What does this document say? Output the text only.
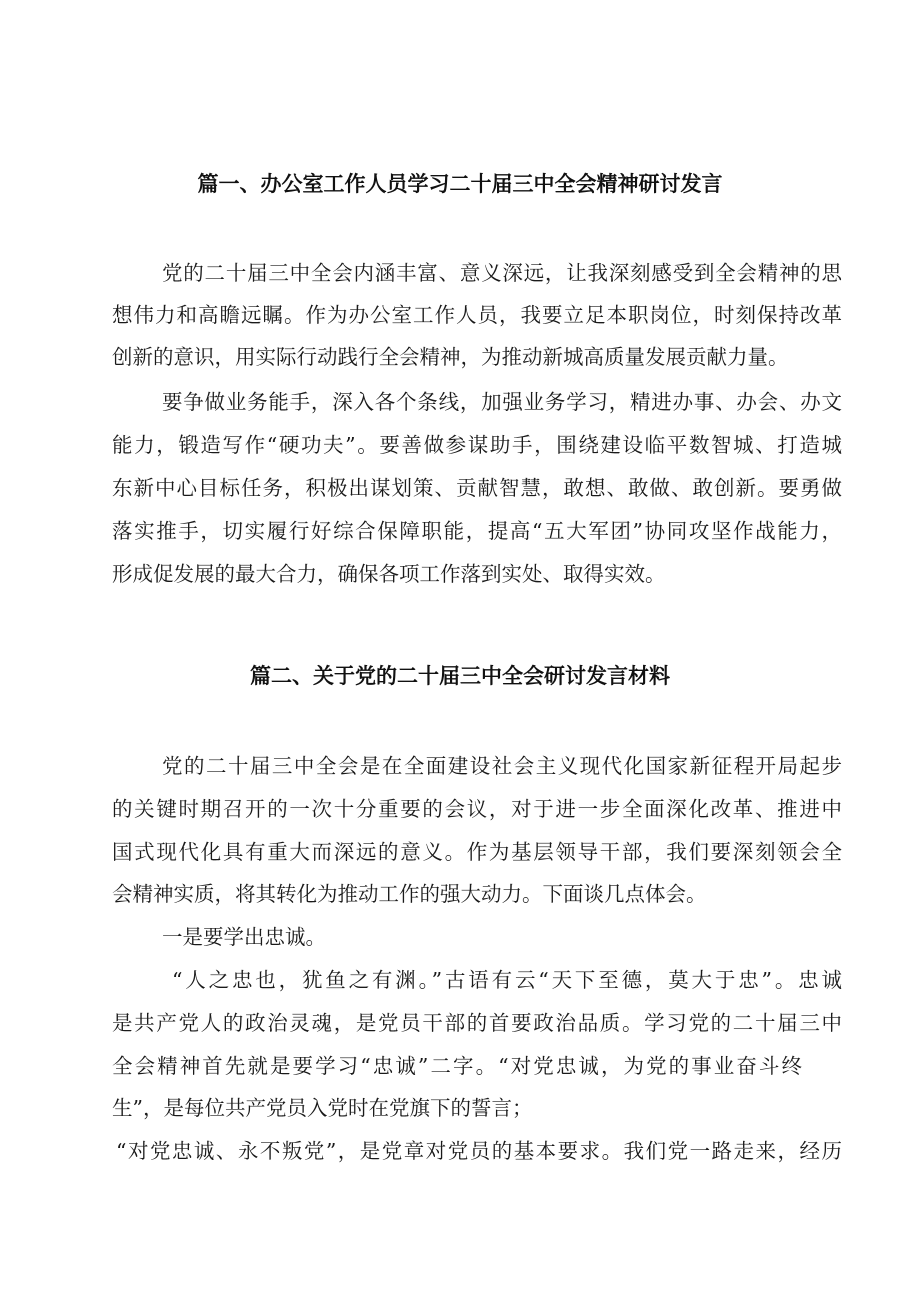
篇一、办公室工作人员学习二十届三中全会精神研讨发言
党的二十届三中全会内涵丰富、意义深远，让我深刻感受到全会精神的思
想伟力和高瞻远瞩。作为办公室工作人员，我要立足本职岗位，时刻保持改革
创新的意识，用实际行动践行全会精神，为推动新城高质量发展贡献力量。
要争做业务能手，深入各个条线，加强业务学习，精进办事、办会、办文
能力，锻造写作“硬功夫”。要善做参谋助手，围绕建设临平数智城、打造城
东新中心目标任务，积极出谋划策、贡献智慧，敢想、敢做、敢创新。要勇做
落实推手，切实履行好综合保障职能，提高“五大军团”协同攻坚作战能力，
形成促发展的最大合力，确保各项工作落到实处、取得实效。
篇二、关于党的二十届三中全会研讨发言材料
党的二十届三中全会是在全面建设社会主义现代化国家新征程开局起步
的关键时期召开的一次十分重要的会议，对于进一步全面深化改革、推进中
国式现代化具有重大而深远的意义。作为基层领导干部，我们要深刻领会全
会精神实质，将其转化为推动工作的强大动力。下面谈几点体会。
一是要学出忠诚。
“人之忠也，犹鱼之有渊。”古语有云“天下至德，莫大于忠”。忠诚
是共产党人的政治灵魂，是党员干部的首要政治品质。学习党的二十届三中
全会精神首先就是要学习“忠诚”二字。“对党忠诚，为党的事业奋斗终
生”，是每位共产党员入党时在党旗下的誓言；
“对党忠诚、永不叛党”，是党章对党员的基本要求。我们党一路走来，经历
